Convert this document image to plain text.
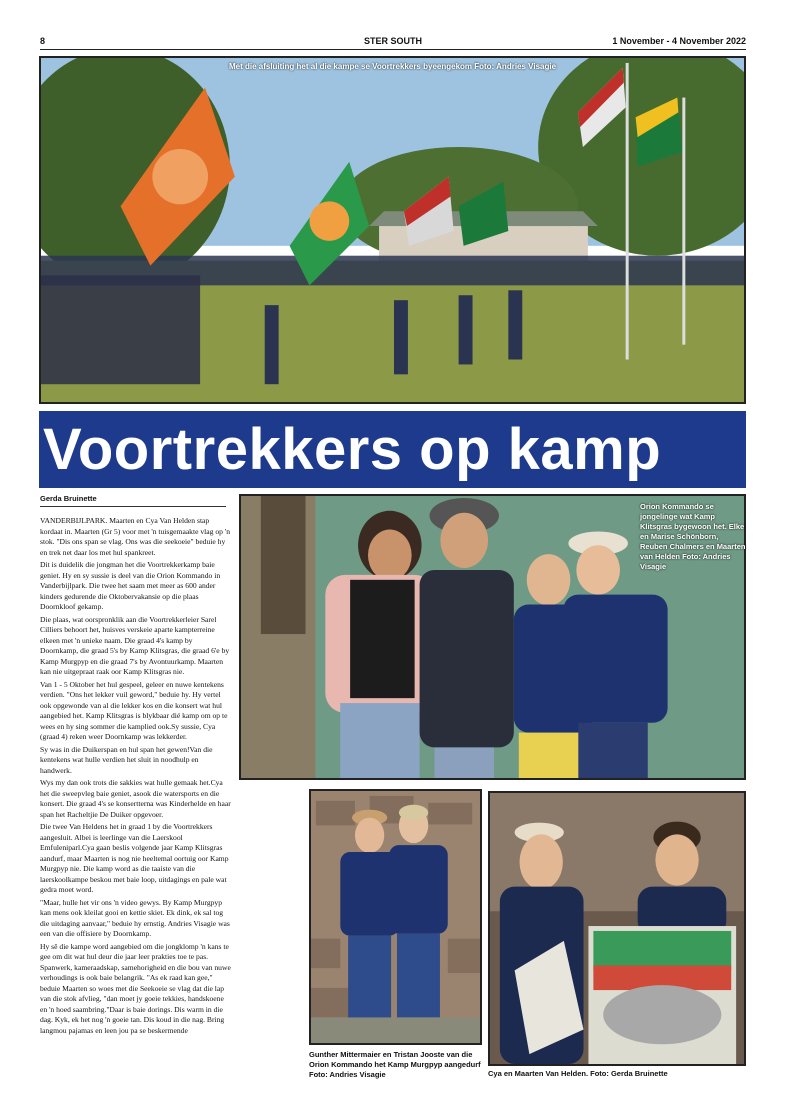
8	STER SOUTH	1 November - 4 November 2022
Met die afsluiting het al die kampe se Voortrekkers byeengekom Foto: Andries Visagie
Voortrekkers op kamp
Gerda Bruinette

VANDERBIJLPARK. Maarten en Cya Van Helden stap kordaat in. Maarten (Gr 5) voor met 'n tuisgemaakte vlag op 'n stok. "Dis ons span se vlag. Ons was die seekoeie" beduie hy en trek net daar los met hul spankreet.

Dit is duidelik die jongman het die Voortrekkerkamp baie geniet. Hy en sy sussie is deel van die Orion Kommando in Vanderbijlpark. Die twee het saam met meer as 600 ander kinders gedurende die Oktobervakansie op die plaas Doornkloof gekamp.

Die plaas, wat oorspronklik aan die Voortrekkerleier Sarel Cilliers behoort het, huisves verskeie aparte kampterreine elkeen met 'n unieke naam. Die graad 4's kamp by Doornkamp, die graad 5's by Kamp Klitsgras, die graad 6'e by Kamp Murgpyp en die graad 7's by Avontuurkamp. Maarten kan nie uitgepraat raak oor Kamp Klitsgras nie.

Van 1 - 5 Oktober het hul gespeel, geleer en nuwe kentekens verdien. "Ons het lekker vuil geword," beduie hy. Hy vertel ook opgewonde van al die lekker kos en die konsert wat hul aangebied het. Kamp Klitsgras is blykbaar dié kamp om op te wees en hy sing sommer die kamplied ook.Sy sussie, Cya (graad 4) reken weer Doornkamp was lekkerder.

Sy was in die Duikerspan en hul span het gewen!Van die kentekens wat hulle verdien het sluit in noodhulp en handwerk.

Wys my dan ook trots die sakkies wat hulle gemaak het.Cya het die sweepvleg baie geniet, asook die watersports en die konsert. Die graad 4's se konsertterna was Kinderhelde en haar span het Racheltjie De Duiker opgevoer.

Die twee Van Heldens het in graad 1 by die Voortrekkers aangesluit. Albei is leerlinge van die Laerskool Emfuleniparl.Cya gaan beslis volgende jaar Kamp Klitsgras aandurf, maar Maarten is nog nie heeltemal oortuig oor Kamp Murgpyp nie. Die kamp word as die taaiste van die laerskoolkampe beskou met baie loop, uitdagings en pale wat gedra moet word.

"Maar, hulle het vir ons 'n video gewys. By Kamp Murgpyp kan mens ook kleilat gooi en kettie skiet. Ek dink, ek sal tog die uitdaging aanvaar," beduie hy ernstig. Andries Visagie was een van die offisiere by Doornkamp.

Hy sê die kampe word aangebied om die jongklomp 'n kans te gee om dit wat hul deur die jaar leer prakties toe te pas. Spanwerk, kameraadskap, samehorigheid en die bou van nuwe verhoudings is ook baie belangrik. "As ek raad kan gee," beduie Maarten so woes met die Seekoeie se vlag dat die lap van die stok afvlieg, "dan moet jy goeie tekkies, handskoene en 'n hoed saambring."Daar is baie dorings. Dis warm in die dag. Kyk, ek het nog 'n goeie tan. Dis koud in die nag. Bring langmou pajamas en leen jou pa se beskermende

Orion Kommando se jongelinge wat Kamp Klitsgras bygewoon het. Elke en Marise Schönborn, Reuben Chalmers en Maarten van Helden Foto: Andries Visagie
Gunther Mittermaier en Tristan Jooste van die Orion Kommando het Kamp Murgpyp aangedurf Foto: Andries Visagie	Cya en Maarten Van Helden. Foto: Gerda Bruinette
